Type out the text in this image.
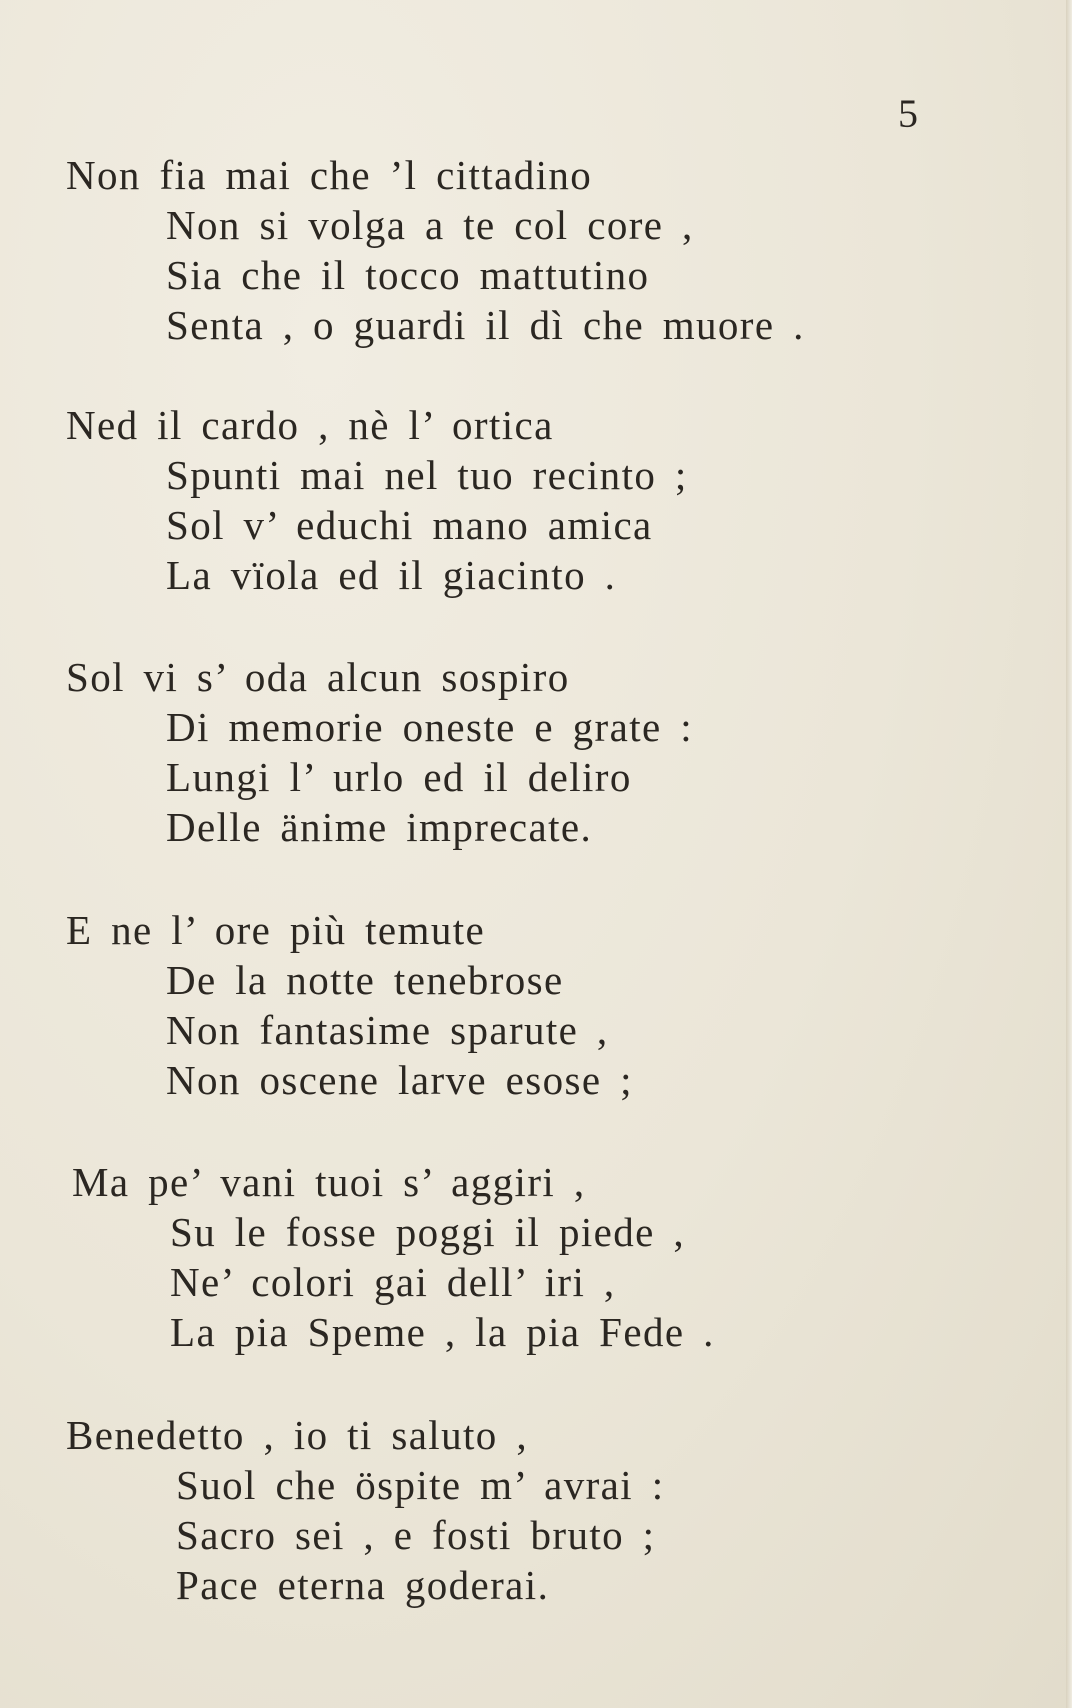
5
Non fia mai che ’l cittadino
Non si volga a te col core ,
Sia che il tocco mattutino
Senta , o guardi il dì che muore .
Ned il cardo , nè l’ ortica
Spunti mai nel tuo recinto ;
Sol v’ educhi mano amica
La vïola ed il giacinto .
Sol vi s’ oda alcun sospiro
Di memorie oneste e grate :
Lungi l’ urlo ed il deliro
Delle änime imprecate.
E ne l’ ore più temute
De la notte tenebrose
Non fantasime sparute ,
Non oscene larve esose ;
Ma pe’ vani tuoi s’ aggiri ,
Su le fosse poggi il piede ,
Ne’ colori gai dell’ iri ,
La pia Speme , la pia Fede .
Benedetto , io ti saluto ,
Suol che öspite m’ avrai :
Sacro sei , e fosti bruto ;
Pace eterna goderai.
